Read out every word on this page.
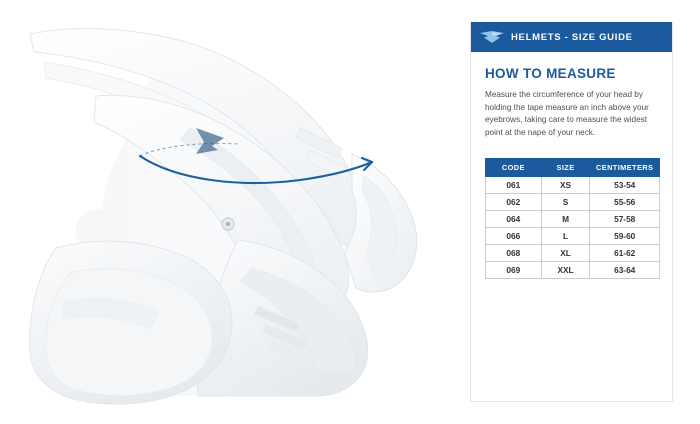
HELMETS - SIZE GUIDE
HOW TO MEASURE

Measure the circumference of your head by holding the tape measure an inch above your eyebrows, taking care to measure the widest point at the nape of your neck.

CODE	SIZE	CENTIMETERS
061	XS	53-54
062	S	55-56
064	M	57-58
066	L	59-60
068	XL	61-62
069	XXL	63-64
